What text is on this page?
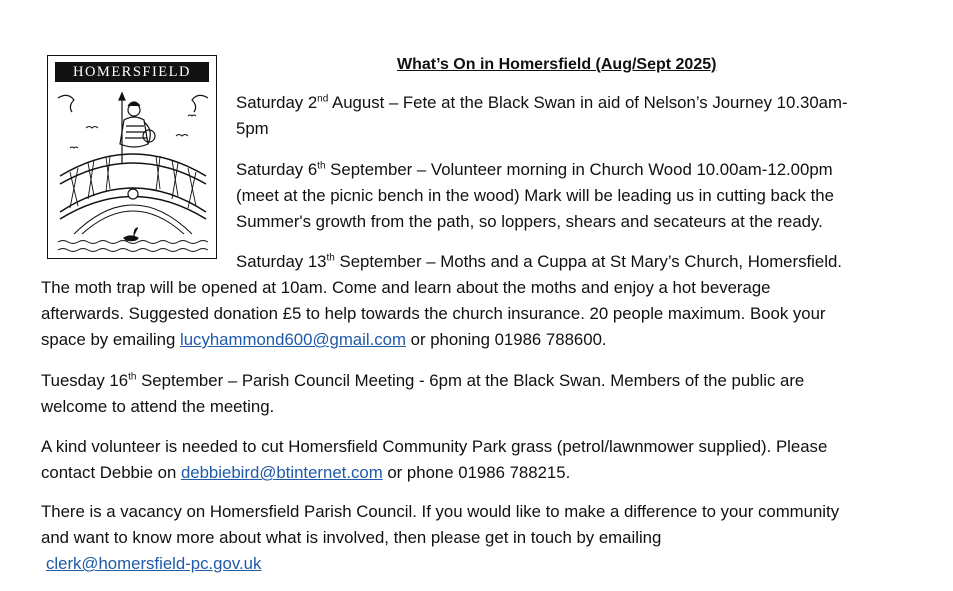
HOMERSFIELD	What’s On in Homersfield (Aug/Sept 2025)

Saturday 2nd August – Fete at the Black Swan in aid of Nelson’s Journey 10.30am-
5pm

Saturday 6th September – Volunteer morning in Church Wood 10.00am-12.00pm
(meet at the picnic bench in the wood) Mark will be leading us in cutting back the
Summer's growth from the path, so loppers, shears and secateurs at the ready.

Saturday 13th September – Moths and a Cuppa at St Mary’s Church, Homersfield.
The moth trap will be opened at 10am. Come and learn about the moths and enjoy a hot beverage
afterwards. Suggested donation £5 to help towards the church insurance. 20 people maximum. Book your
space by emailing lucyhammond600@gmail.com or phoning 01986 788600.

Tuesday 16th September – Parish Council Meeting - 6pm at the Black Swan. Members of the public are
welcome to attend the meeting.

A kind volunteer is needed to cut Homersfield Community Park grass (petrol/lawnmower supplied). Please
contact Debbie on debbiebird@btinternet.com or phone 01986 788215.

There is a vacancy on Homersfield Parish Council. If you would like to make a difference to your community
and want to know more about what is involved, then please get in touch by emailing
clerk@homersfield-pc.gov.uk
